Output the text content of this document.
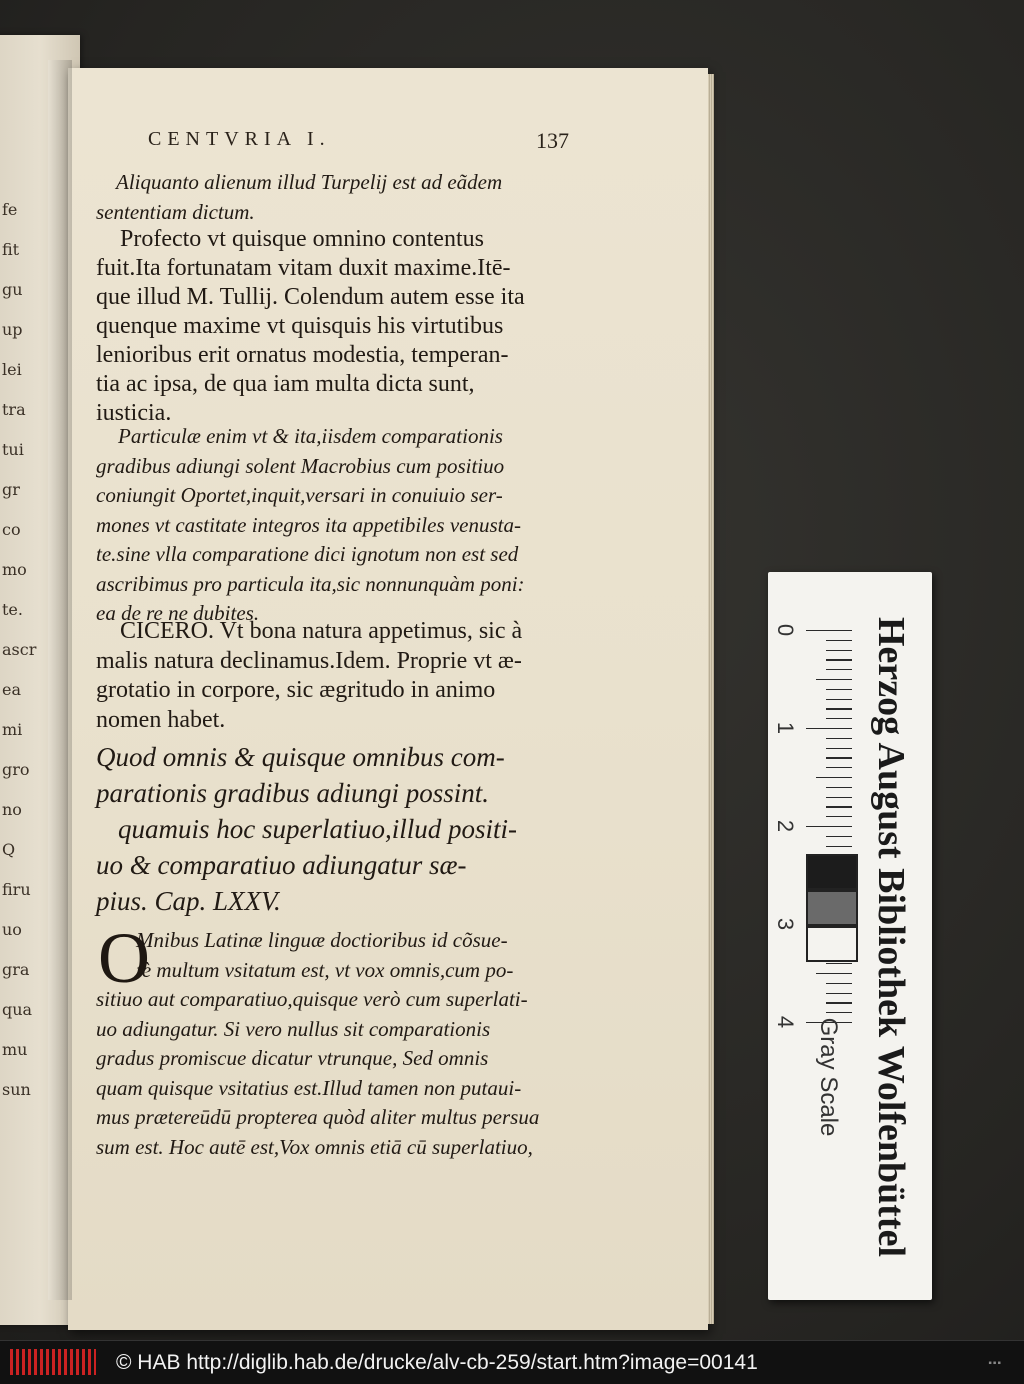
fe
fit
gu
up
lei
tra
tui
gr
co
mo
te.
ascr
ea
mi
gro
no
Q
firu
uo
gra
qua
mu
sun
CENTVRIA I.	137
Aliquanto alienum illud Turpelij est ad eãdem
sententiam dictum.
Profecto vt quisque omnino contentus
fuit.Ita fortunatam vitam duxit maxime.Itē-
que illud M. Tullij. Colendum autem esse ita
quenque maxime vt quisquis his virtutibus
lenioribus erit ornatus modestia, temperan-
tia ac ipsa, de qua iam multa dicta sunt,
iusticia.
Particulæ enim vt & ita,iisdem comparationis
gradibus adiungi solent Macrobius cum positiuo
coniungit Oportet,inquit,versari in conuiuio ser-
mones vt castitate integros ita appetibiles venusta-
te.sine vlla comparatione dici ignotum non est sed
ascribimus pro particula ita,sic nonnunquàm poni:
ea de re ne dubites.
CICERO. Vt bona natura appetimus, sic à
malis natura declinamus.Idem. Proprie vt æ-
grotatio in corpore, sic ægritudo in animo
nomen habet.
Quod omnis & quisque omnibus com-
parationis gradibus adiungi possint.
quamuis hoc superlatiuo,illud positi-
uo & comparatiuo adiungatur sæ-
pius. Cap. LXXV.
Mnibus Latinæ linguæ doctioribus id cõsue-
tè multum vsitatum est, vt vox omnis,cum po-
sitiuo aut comparatiuo,quisque verò cum superlati-
uo adiungatur. Si vero nullus sit comparationis
gradus promiscue dicatur vtrunque, Sed omnis
quam quisque vsitatius est.Illud tamen non putaui-
mus prætereūdū propterea quòd aliter multus persua
sum est. Hoc autē est,Vox omnis etiā cū superlatiuo,
O
0
1
2
3
4 Herzog August Bibliothek Wolfenbüttel
Gray Scale
© HAB http://diglib.hab.de/drucke/alv-cb-259/start.htm?image=00141	▪▪▪
